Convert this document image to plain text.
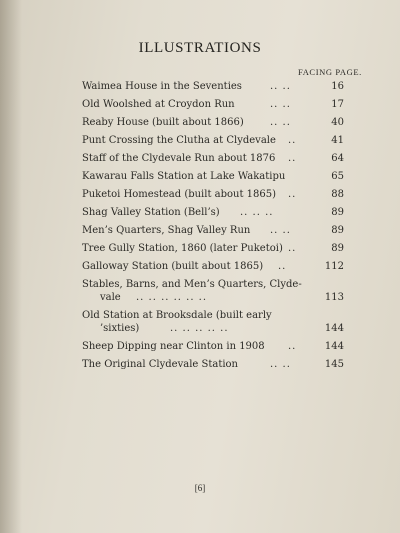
ILLUSTRATIONS
FACING PAGE.
Waimea House in the Seventies	.. ..	16
Old Woolshed at Croydon Run	.. ..	17
Reaby House (built about 1866)	.. ..	40
Punt Crossing the Clutha at Clydevale ..	41
Staff of the Clydevale Run about 1876 ..	64
Kawarau Falls Station at Lake Wakatipu	65
Puketoi Homestead (built about 1865) ..	88
Shag Valley Station (Bell’s) .. .. ..	89
Men’s Quarters, Shag Valley Run .. ..	89
Tree Gully Station, 1860 (later Puketoi) ..	89
Galloway Station (built about 1865) ..	112
Stables, Barns, and Men’s Quarters, Clyde-
vale .. .. .. .. .. ..	113
Old Station at Brooksdale (built early
’sixties)	.. .. .. .. ..	144
Sheep Dipping near Clinton in 1908 ..	144
The Original Clydevale Station	.. ..	145
[6]
